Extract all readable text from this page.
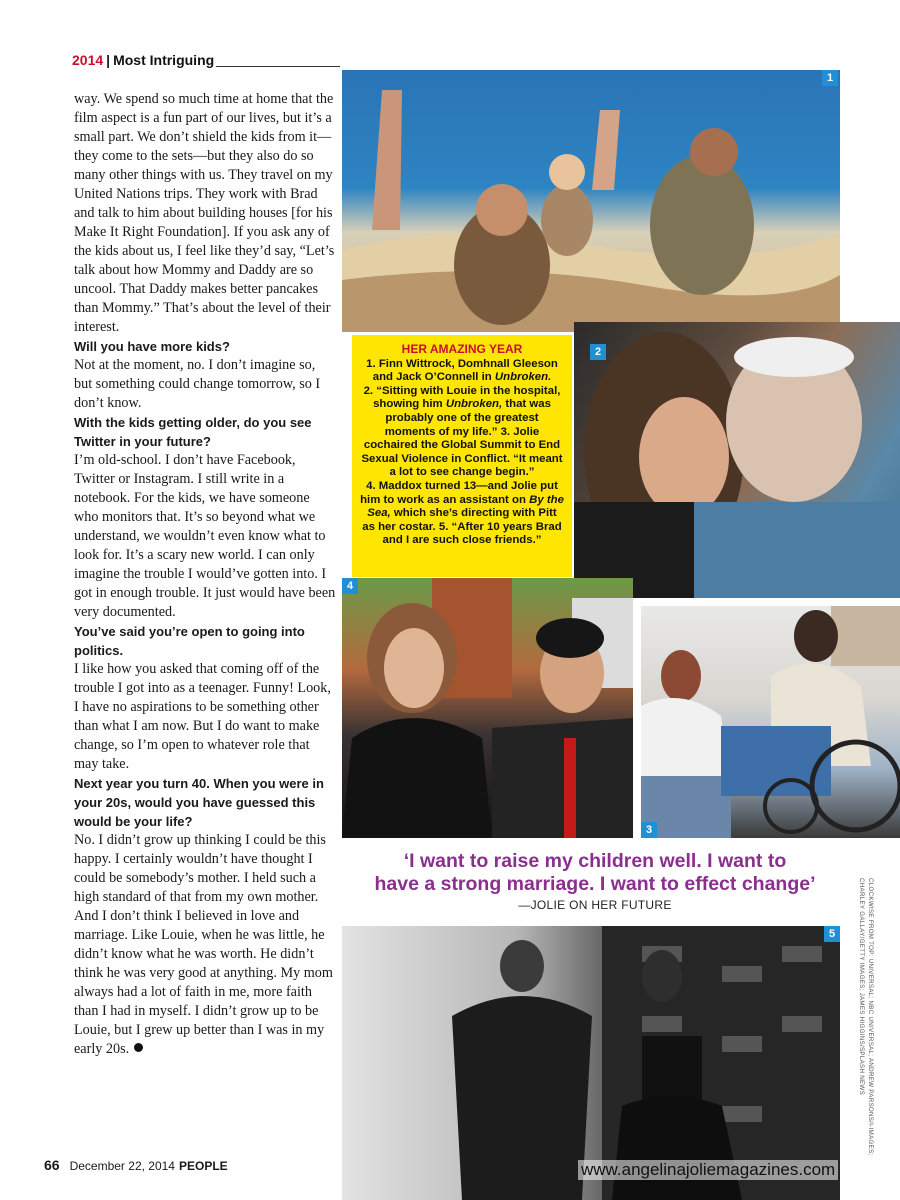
2014 | Most Intriguing

way. We spend so much time at home that the film aspect is a fun part of our lives, but it’s a small part. We don’t shield the kids from it—they come to the sets—but they also do so many other things with us. They travel on my United Nations trips. They work with Brad and talk to him about building houses [for his Make It Right Foundation]. If you ask any of the kids about us, I feel like they’d say, “Let’s talk about how Mommy and Daddy are so uncool. That Daddy makes better pancakes than Mommy.” That’s about the level of their interest.

Will you have more kids?

Not at the moment, no. I don’t imagine so, but something could change tomorrow, so I don’t know.

With the kids getting older, do you see Twitter in your future?

I’m old-school. I don’t have Facebook, Twitter or Instagram. I still write in a notebook. For the kids, we have someone who monitors that. It’s so beyond what we understand, we wouldn’t even know what to look for. It’s a scary new world. I can only imagine the trouble I would’ve gotten into. I got in enough trouble. It just would have been very documented.

You’ve said you’re open to going into politics.

I like how you asked that coming off of the trouble I got into as a teenager. Funny! Look, I have no aspirations to be something other than what I am now. But I do want to make change, so I’m open to whatever role that may take.

Next year you turn 40. When you were in your 20s, would you have guessed this would be your life?

No. I didn’t grow up thinking I could be this happy. I certainly wouldn’t have thought I could be somebody’s mother. I held such a high standard of that from my own mother. And I don’t think I believed in love and marriage. Like Louie, when he was little, he didn’t know what he was worth. He didn’t think he was very good at anything. My mom always had a lot of faith in me, more faith than I had in myself. I didn’t grow up to be Louie, but I grew up better than I was in my early 20s.

1
2
HER AMAZING YEAR
1. Finn Wittrock, Domhnall Gleeson and Jack O’Connell in Unbroken.
2. “Sitting with Louie in the hospital, showing him Unbroken, that was probably one of the greatest moments of my life.” 3. Jolie cochaired the Global Summit to End Sexual Violence in Conflict. “It meant a lot to see change begin.”
4. Maddox turned 13—and Jolie put him to work as an assistant on By the Sea, which she’s directing with Pitt as her costar. 5. “After 10 years Brad and I are such close friends.”
4
3
‘I want to raise my children well. I want to
have a strong marriage. I want to effect change’
—JOLIE ON HER FUTURE	CLOCKWISE FROM TOP: UNIVERSAL; NBC UNIVERSAL; ANDREW PARSONS/I-IMAGES; CHARLEY GALLAY/GETTY IMAGES; JAMES HIGGINS/SPLASH NEWS
5
66 December 22, 2014 PEOPLE	www.angelinajoliemagazines.com
